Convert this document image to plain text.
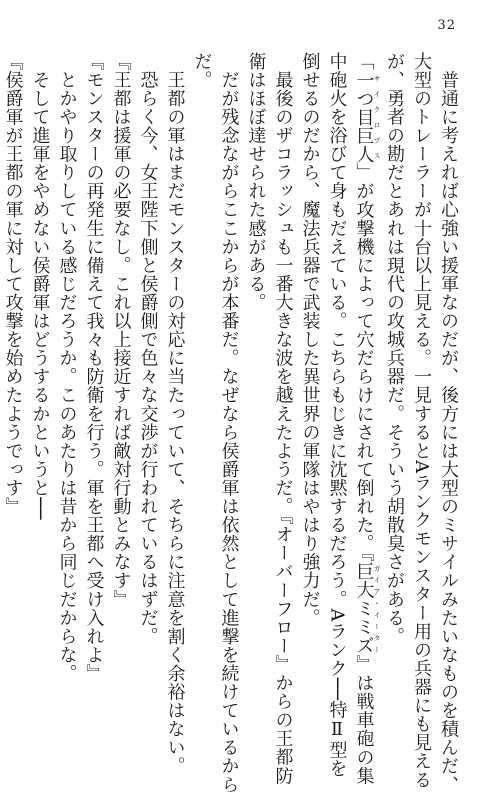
32
　普通に考えれば心強い援軍なのだが、後方には大型のミサイルみたいなものを積んだ、
大型のトレーラーが十台以上見える。一見するとAランクモンスター用の兵器にも見える
が、勇者の勘だとあれは現代の攻城兵器だ。そういう胡散臭さがある。
「一つ目巨人サイクロプス」が攻撃機によって穴だらけにされて倒れた。『巨大ミミズガイア・イーター』は戦車砲の集
中砲火を浴びて身もだえている。こちらもじきに沈黙するだろう。Aランク──特Ⅱ型を
倒せるのだから、魔法兵器で武装した異世界の軍隊はやはり強力だ。
　最後のザコラッシュも一番大きな波を越えたようだ。『オーバーフロー』からの王都防
衛はほぼ達せられた感がある。
　だが残念ながらここからが本番だ。なぜなら侯爵軍は依然として進撃を続けているから
だ。

　王都の軍はまだモンスターの対応に当たっていて、そちらに注意を割く余裕はない。
　恐らく今、女王陛下側と侯爵側で色々な交渉が行われているはずだ。
『王都は援軍の必要なし。これ以上接近すれば敵対行動とみなす』
『モンスターの再発生に備えて我々も防衛を行う。軍を王都へ受け入れよ』
　とかやり取りしている感じだろうか。このあたりは昔から同じだからな。
　そして進軍をやめない侯爵軍はどうするかというと──
『侯爵軍が王都の軍に対して攻撃を始めたようでっす』
